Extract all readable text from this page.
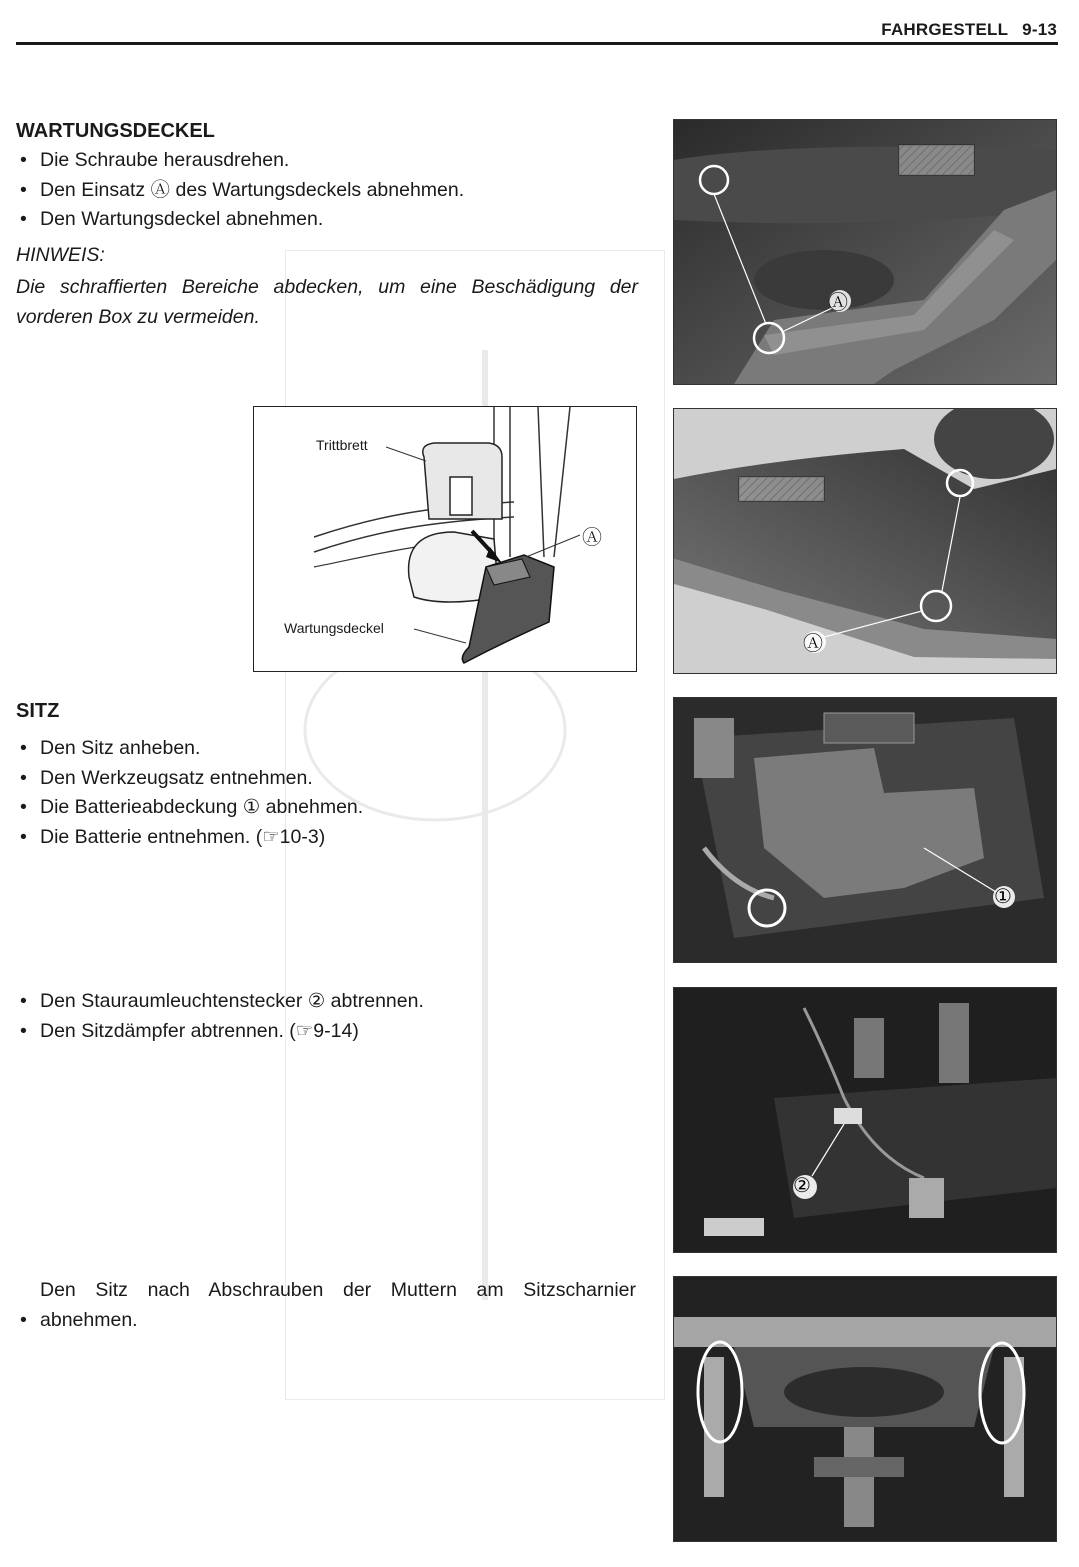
FAHRGESTELL 9-13
WARTUNGSDECKEL
• Die Schraube herausdrehen.
• Den Einsatz Ⓐ des Wartungsdeckels abnehmen.
• Den Wartungsdeckel abnehmen.
HINWEIS:
Die schraffierten Bereiche abdecken, um eine Beschädigung der vorderen Box zu vermeiden.
Trittbrett
Wartungsdeckel
Ⓐ
SITZ
• Den Sitz anheben.
• Den Werkzeugsatz entnehmen.
• Die Batterieabdeckung ① abnehmen.
• Die Batterie entnehmen. (☞10-3)
• Den Stauraumleuchtenstecker ② abtrennen.
• Den Sitzdämpfer abtrennen. (☞9-14)
•Den Sitz nach Abschrauben der Muttern am Sitzscharnier abnehmen.
Ⓐ
Ⓐ
①
②
